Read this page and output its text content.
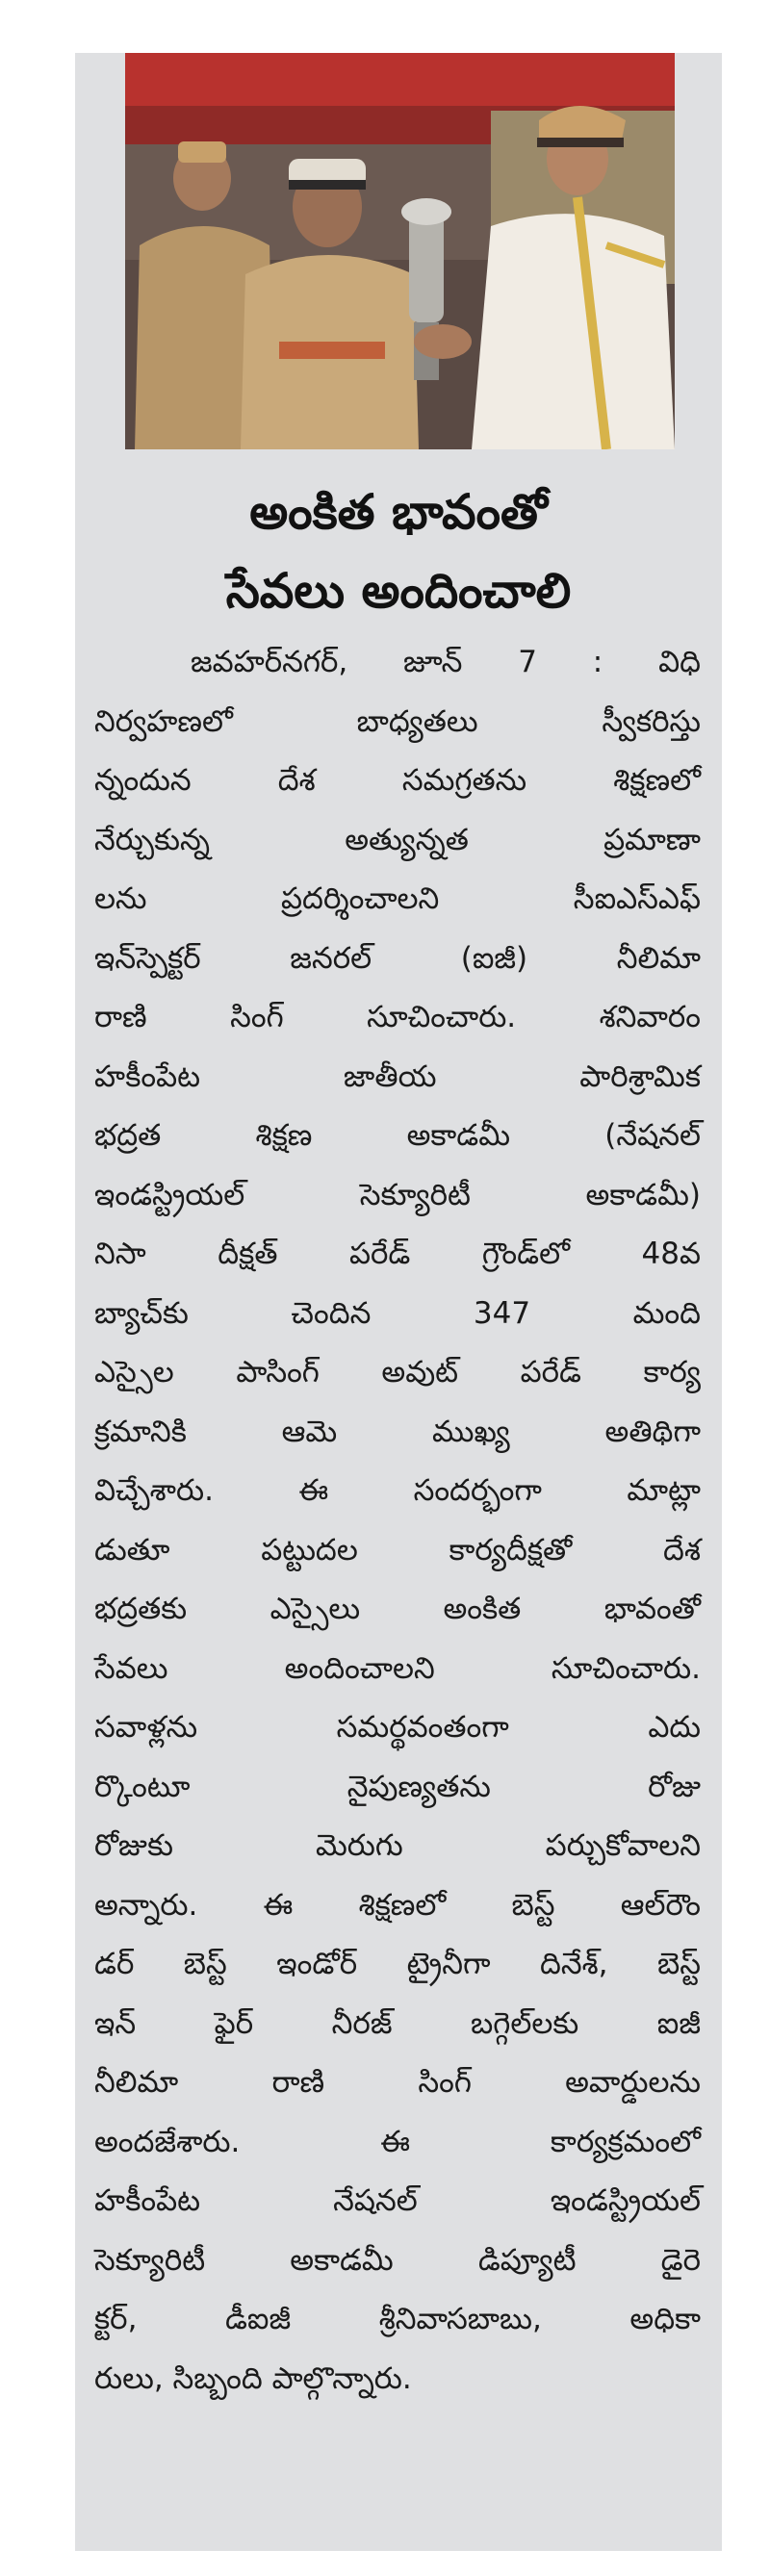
అంకిత భావంతో
సేవలు అందించాలి
జవహర్‌నగర్, జూన్ 7 : విధి
నిర్వహణలో బాధ్యతలు స్వీకరిస్తు
న్నందున దేశ సమగ్రతను శిక్షణలో
నేర్చుకున్న అత్యున్నత ప్రమాణా
లను ప్రదర్శించాలని సీఐఎస్‌ఎఫ్
ఇన్‌స్పెక్టర్ జనరల్ (ఐజీ) నీలిమా
రాణి సింగ్ సూచించారు. శనివారం
హకీంపేట జాతీయ పారిశ్రామిక
భద్రత శిక్షణ అకాడమీ (నేషనల్
ఇండస్ట్రియల్ సెక్యూరిటీ అకాడమీ)
నిసా దీక్షత్ పరేడ్ గ్రౌండ్‌లో 48వ
బ్యాచ్‌కు చెందిన 347 మంది
ఎస్సైల పాసింగ్ అవుట్ పరేడ్ కార్య
క్రమానికి ఆమె ముఖ్య అతిథిగా
విచ్చేశారు. ఈ సందర్భంగా మాట్లా
డుతూ పట్టుదల కార్యదీక్షతో దేశ
భద్రతకు ఎస్సైలు అంకిత భావంతో
సేవలు అందించాలని సూచించారు.
సవాళ్లను సమర్థవంతంగా ఎదు
ర్కొంటూ నైపుణ్యతను రోజు
రోజుకు మెరుగు పర్చుకోవాలని
అన్నారు. ఈ శిక్షణలో బెస్ట్ ఆల్‌రౌం
డర్ బెస్ట్ ఇండోర్ ట్రైనీగా దినేశ్, బెస్ట్
ఇన్ ఫైర్ నీరజ్ బగ్గెల్‌లకు ఐజీ
నీలిమా రాణి సింగ్ అవార్డులను
అందజేశారు. ఈ కార్యక్రమంలో
హకీంపేట నేషనల్ ఇండస్ట్రియల్
సెక్యూరిటీ అకాడమీ డిప్యూటీ డైరె
క్టర్, డీఐజీ శ్రీనివాసబాబు, అధికా
రులు, సిబ్బంది పాల్గొన్నారు.
